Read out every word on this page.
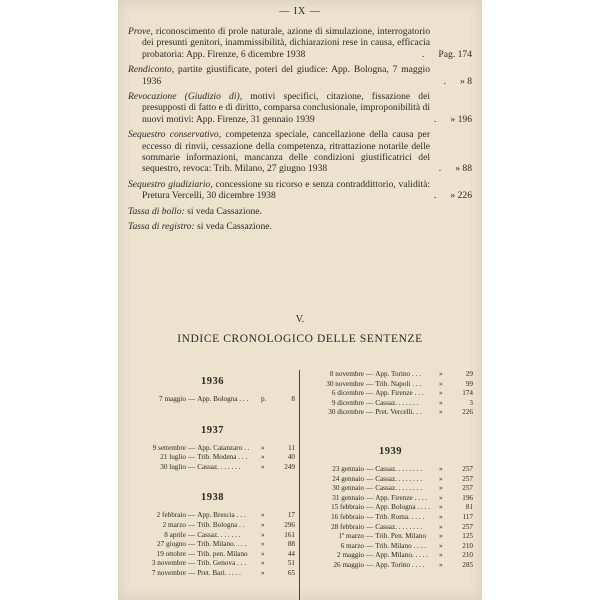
— IX —
Prove, riconoscimento di prole naturale, azione di simulazione, interrogatorio dei presunti genitori, inammissibilità, dichiarazioni rese in causa, efficacia probatoria: App. Firenze, 6 dicembre 1938	. Pag. 174
Rendiconto, partite giustificate, poteri del giudice: App. Bologna, 7 maggio 1936	. » 8
Revocazione (Giudizio di), motivi specifici, citazione, fissazione dei presupposti di fatto e di diritto, comparsa conclusionale, improponibilità di nuovi motivi: App. Firenze, 31 gennaio 1939	. » 196
Sequestro conservativo, competenza speciale, cancellazione della causa per eccesso di rinvii, cessazione della competenza, ritrattazione notarile delle sommarie informazioni, mancanza delle condizioni giustificatrici del sequestro, revoca: Trib. Milano, 27 giugno 1938	. » 88
Sequestro giudiziario, concessione su ricorso e senza contraddittorio, validità: Pretura Vercelli, 30 dicembre 1938	. » 226
Tassa di bollo: si veda Cassazione.
Tassa di registro: si veda Cassazione.
V.
INDICE CRONOLOGICO DELLE SENTENZE
1936
7 maggio — App. Bologna . . .	p.	8
1937
9 settembre — App. Catanzaro . .	»	11
21 luglio — Trib. Modena . . .	»	40
30 luglio — Cassaz. . . . . . .	»	249
1938
2 febbraio — App. Brescia . . .	»	17
2 marzo — Trib. Bologna . .	»	296
8 aprile — Cassaz. . . . . . .	»	161
27 giugno — Trib. Milano. . . .	»	88
19 ottobre — Trib. pen. Milano	»	44
3 novembre — Trib. Genova . . .	»	51
7 novembre — Pret. Bari. . . . .	»	65
8 novembre — App. Torino . . .	»	29
30 novembre — Trib. Napoli . . .	»	99
6 dicembre — App. Firenze . . .	»	174
9 dicembre — Cassaz. . . . . . .	»	3
30 dicembre — Pret. Vercelli. . .	»	226
1939
23 gennaio — Cassaz. . . . . . . .	»	257
24 gennaio — Cassaz. . . . . . . .	»	257
30 gennaio — Cassaz. . . . . . . .	»	257
31 gennaio — App. Firenze . . . .	»	196
15 febbraio — App. Bologna . . . .	»	81
16 febbraio — Trib. Roma. . . . .	»	117
28 febbraio — Cassaz. . . . . . . .	»	257
1º marzo — Trib. Pen. Milano	»	125
6 marzo — Trib. Milano . . . .	»	210
2 maggio — App. Milano. . . . .	»	210
26 maggio — App. Torino . . . .	»	285
